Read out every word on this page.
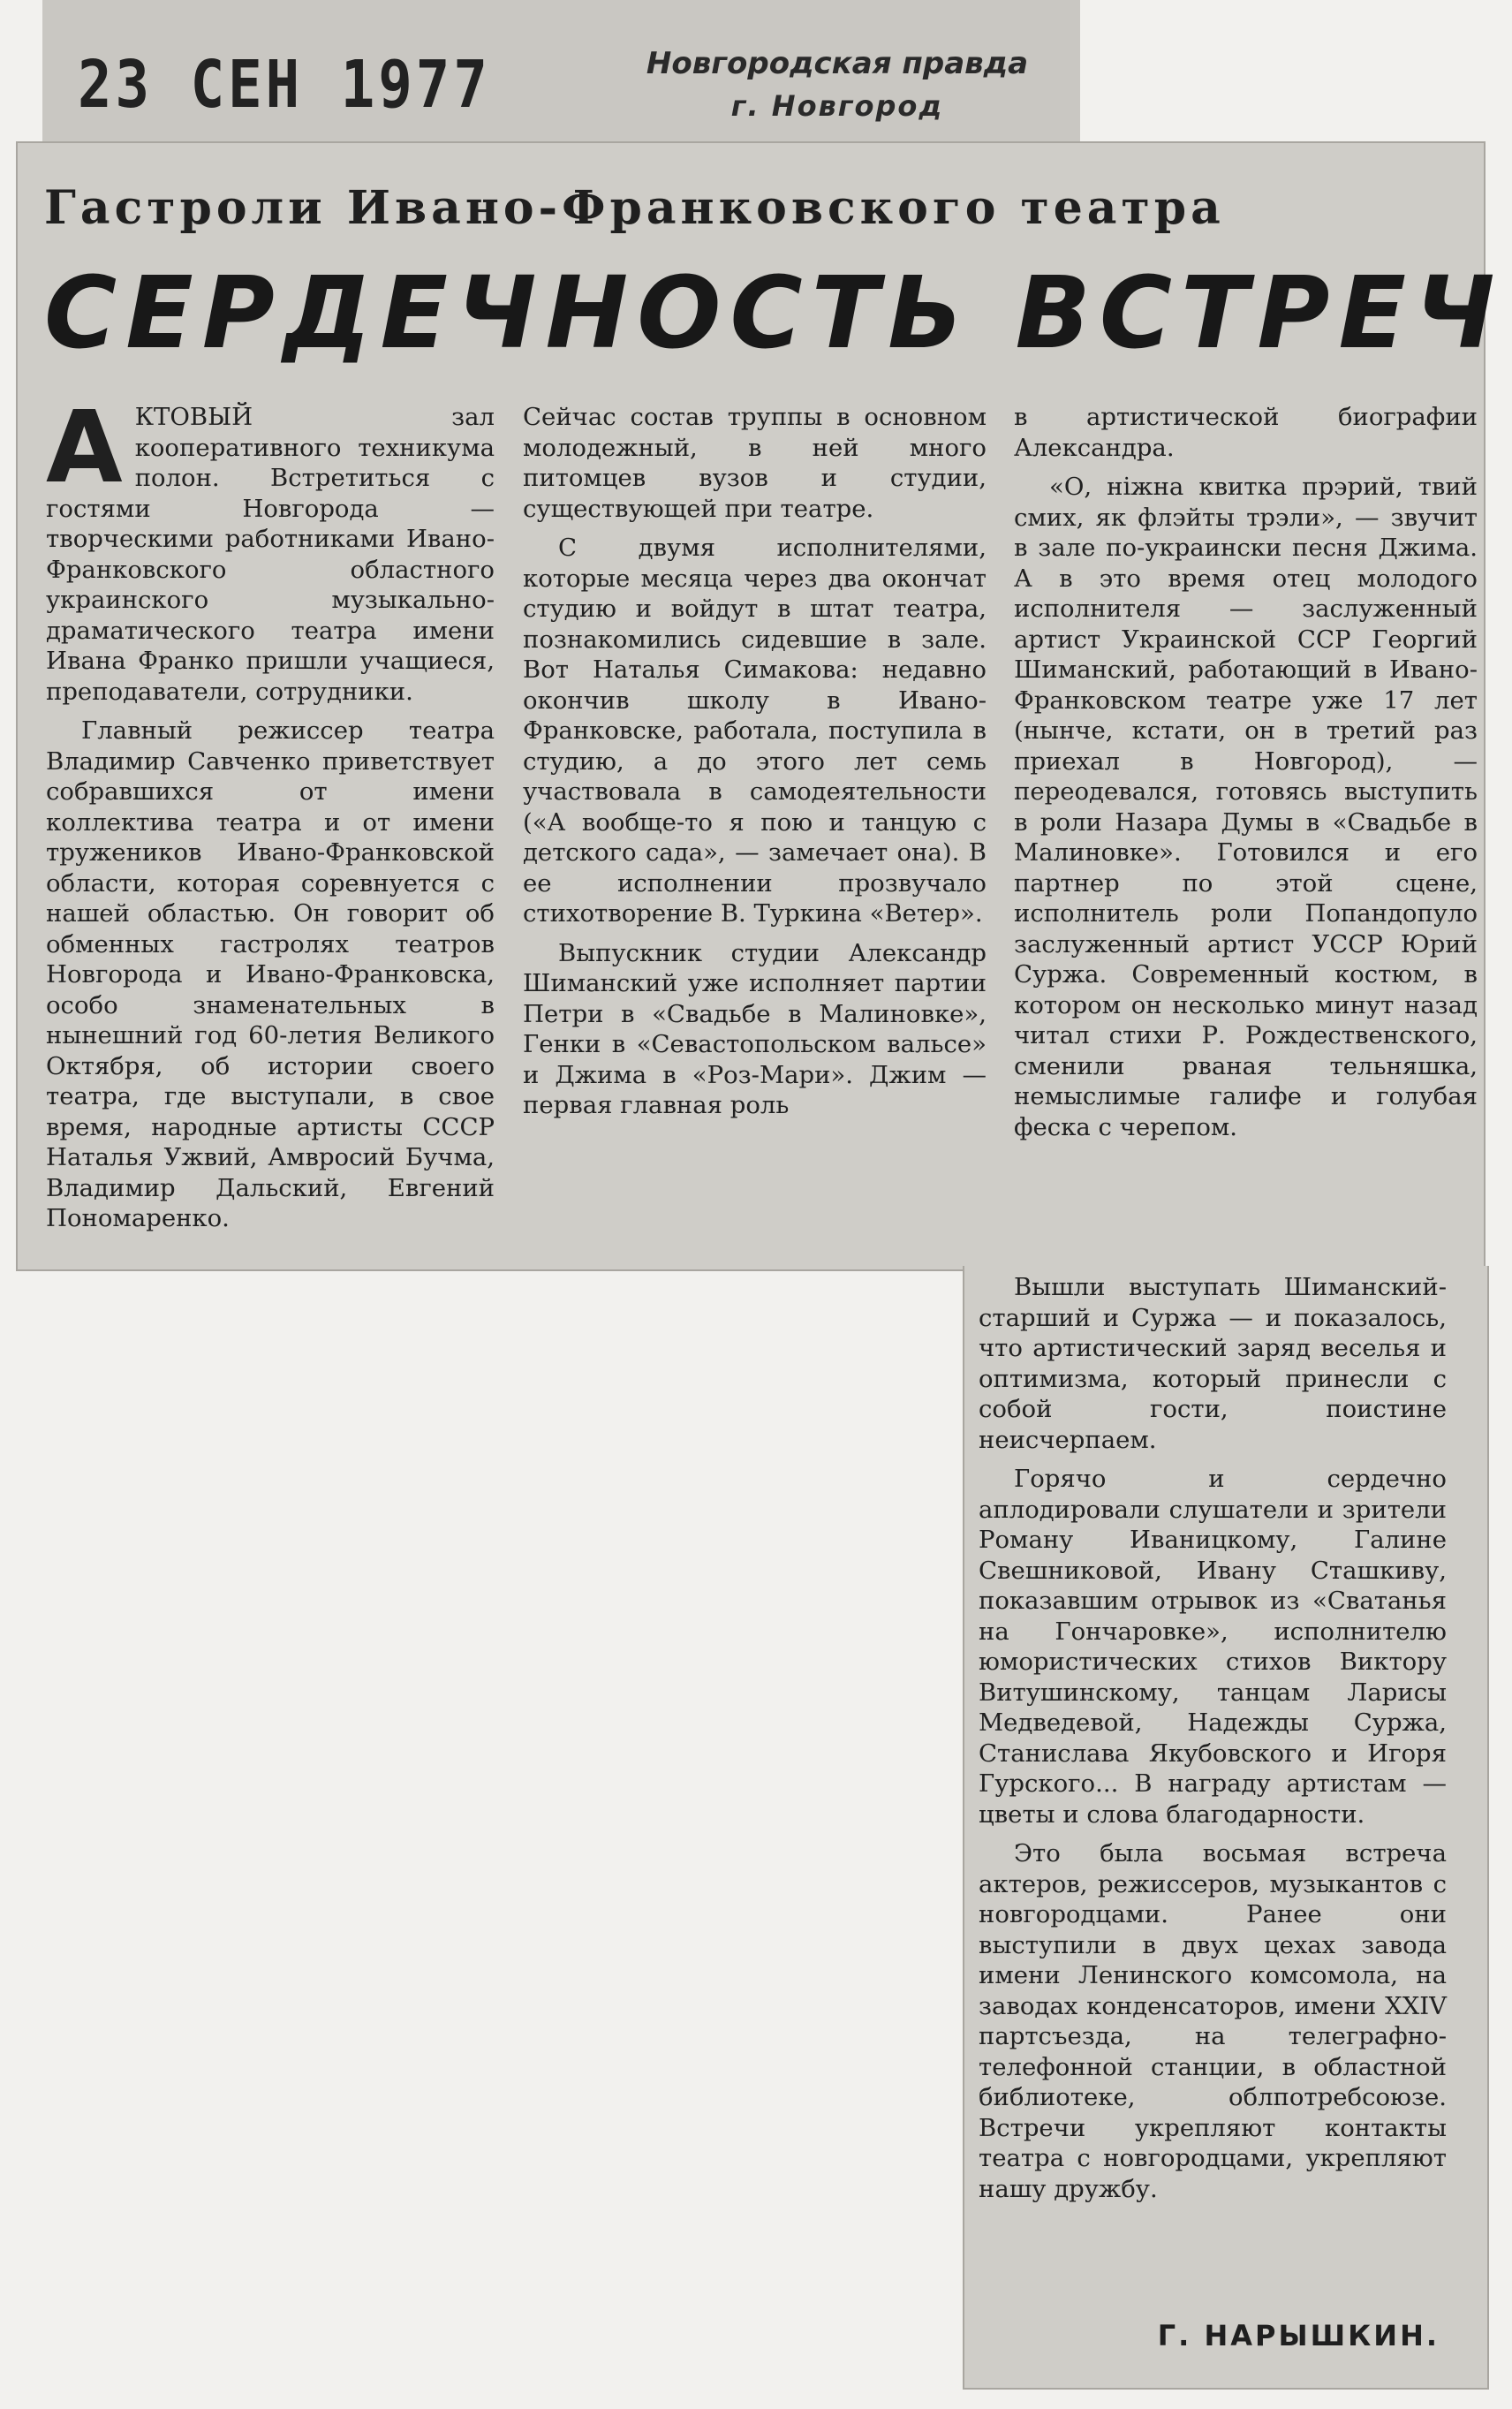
23 СЕН 1977	Новгородская правда
г. Новгород
Гастроли Ивано-Франковского театра
СЕРДЕЧНОСТЬ ВСТРЕЧ

АКТОВЫЙ зал кооперативного техникума полон. Встретиться с гостями Новгорода — творческими работниками Ивано-Франковского областного украинского музыкально-драматического театра имени Ивана Франко пришли учащиеся, преподаватели, сотрудники.

Главный режиссер театра Владимир Савченко приветствует собравшихся от имени коллектива театра и от имени тружеников Ивано-Франковской области, которая соревнуется с нашей областью. Он говорит об обменных гастролях театров Новгорода и Ивано-Франковска, особо знаменательных в нынешний год 60-летия Великого Октября, об истории своего театра, где выступали, в свое время, народные артисты СССР Наталья Ужвий, Амвросий Бучма, Владимир Дальский, Евгений Пономаренко.

Сейчас состав труппы в основном молодежный, в ней много питомцев вузов и студии, существующей при театре.

С двумя исполнителями, которые месяца через два окончат студию и войдут в штат театра, познакомились сидевшие в зале. Вот Наталья Симакова: недавно окончив школу в Ивано-Франковске, работала, поступила в студию, а до этого лет семь участвовала в самодеятельности («А вообще-то я пою и танцую с детского сада», — замечает она). В ее исполнении прозвучало стихотворение В. Туркина «Ветер».

Выпускник студии Александр Шиманский уже исполняет партии Петри в «Свадьбе в Малиновке», Генки в «Севастопольском вальсе» и Джима в «Роз-Мари». Джим — первая главная роль

в артистической биографии Александра.

«О, нiжна квитка прэрий, твий смих, як флэйты трэли», — звучит в зале по-украински песня Джима. А в это время отец молодого исполнителя — заслуженный артист Украинской ССР Георгий Шиманский, работающий в Ивано-Франковском театре уже 17 лет (нынче, кстати, он в третий раз приехал в Новгород), — переодевался, готовясь выступить в роли Назара Думы в «Свадьбе в Малиновке». Готовился и его партнер по этой сцене, исполнитель роли Попандопуло заслуженный артист УССР Юрий Суржа. Современный костюм, в котором он несколько минут назад читал стихи Р. Рождественского, сменили рваная тельняшка, немыслимые галифе и голубая феска с черепом.

Вышли выступать Шиманский-старший и Суржа — и показалось, что артистический заряд веселья и оптимизма, который принесли с собой гости, поистине неисчерпаем.

Горячо и сердечно аплодировали слушатели и зрители Роману Иваницкому, Галине Свешниковой, Ивану Сташкиву, показавшим отрывок из «Сватанья на Гончаровке», исполнителю юмористических стихов Виктору Витушинскому, танцам Ларисы Медведевой, Надежды Суржа, Станислава Якубовского и Игоря Гурского... В награду артистам — цветы и слова благодарности.

Это была восьмая встреча актеров, режиссеров, музыкантов с новгородцами. Ранее они выступили в двух цехах завода имени Ленинского комсомола, на заводах конденсаторов, имени XXIV партсъезда, на телеграфно-телефонной станции, в областной библиотеке, облпотребсоюзе. Встречи укрепляют контакты театра с новгородцами, укрепляют нашу дружбу.

Г. НАРЫШКИН.
